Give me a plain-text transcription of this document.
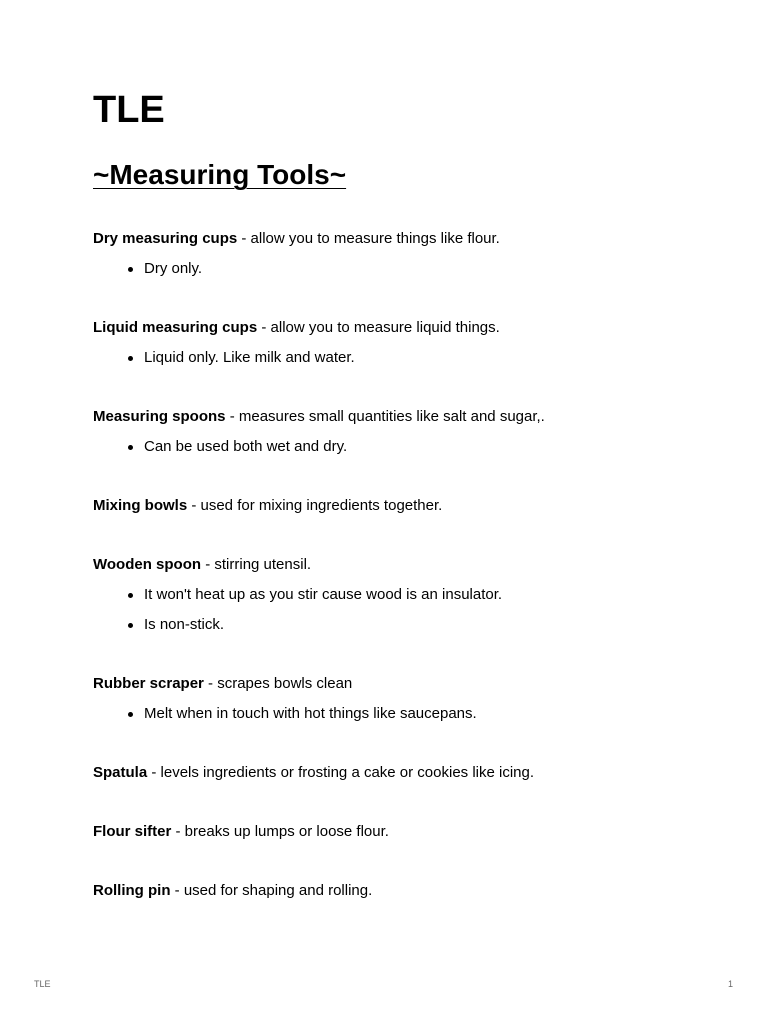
TLE
~Measuring Tools~

Dry measuring cups - allow you to measure things like flour.

Dry only.

Liquid measuring cups - allow you to measure liquid things.

Liquid only. Like milk and water.

Measuring spoons - measures small quantities like salt and sugar,.

Can be used both wet and dry.

Mixing bowls - used for mixing ingredients together.

Wooden spoon - stirring utensil.

It won't heat up as you stir cause wood is an insulator.
Is non-stick.

Rubber scraper - scrapes bowls clean

Melt when in touch with hot things like saucepans.

Spatula - levels ingredients or frosting a cake or cookies like icing.

Flour sifter - breaks up lumps or loose flour.

Rolling pin - used for shaping and rolling.

TLE	1
